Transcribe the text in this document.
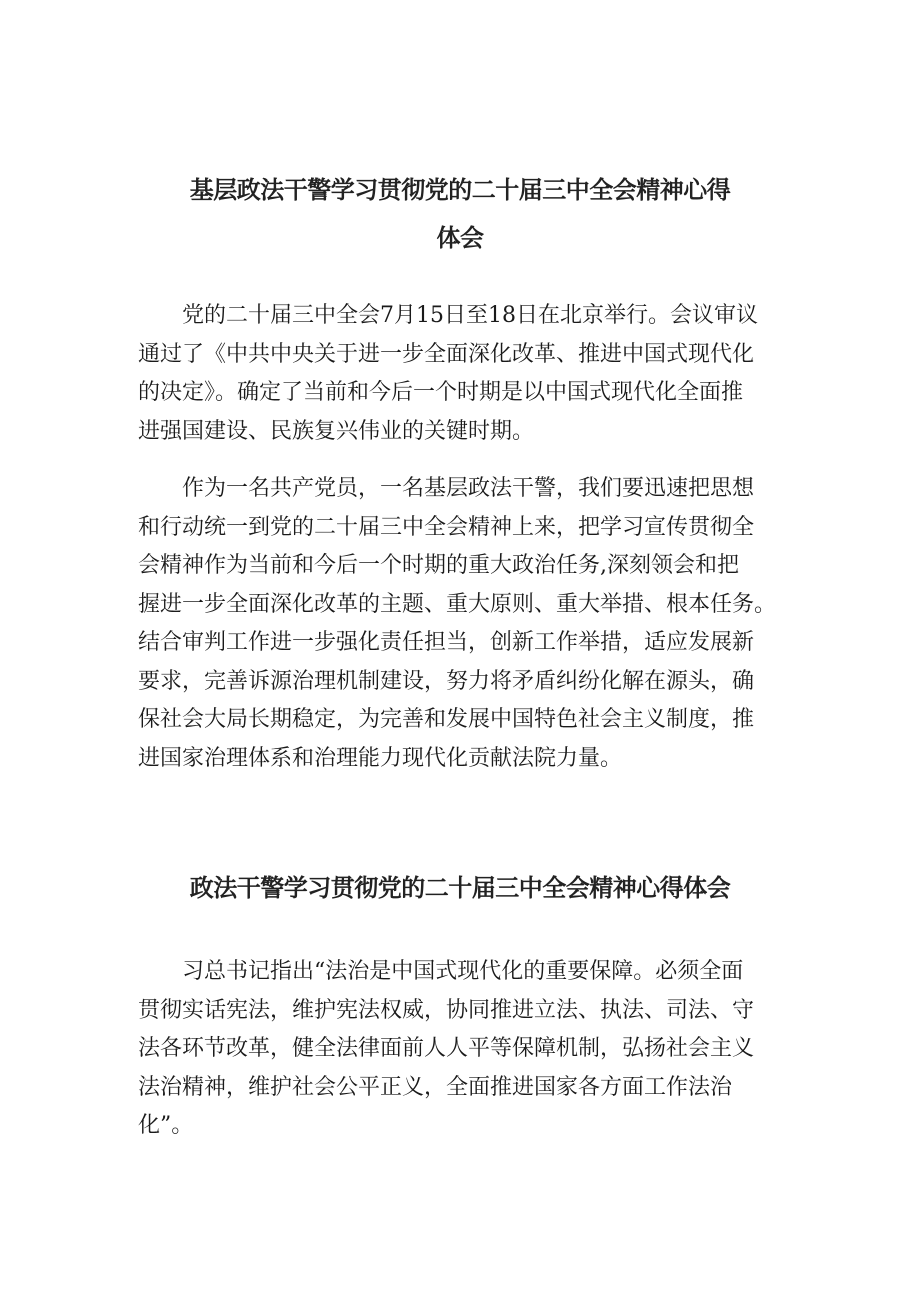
基层政法干警学习贯彻党的二十届三中全会精神心得
体会

党的二十届三中全会7月15日至18日在北京举行。会议审议
通过了《中共中央关于进一步全面深化改革、推进中国式现代化
的决定》。确定了当前和今后一个时期是以中国式现代化全面推
进强国建设、民族复兴伟业的关键时期。

作为一名共产党员，一名基层政法干警，我们要迅速把思想
和行动统一到党的二十届三中全会精神上来，把学习宣传贯彻全
会精神作为当前和今后一个时期的重大政治任务,深刻领会和把
握进一步全面深化改革的主题、重大原则、重大举措、根本任务。
结合审判工作进一步强化责任担当，创新工作举措，适应发展新
要求，完善诉源治理机制建设，努力将矛盾纠纷化解在源头，确
保社会大局长期稳定，为完善和发展中国特色社会主义制度，推
进国家治理体系和治理能力现代化贡献法院力量。

政法干警学习贯彻党的二十届三中全会精神心得体会

习总书记指出“法治是中国式现代化的重要保障。必须全面
贯彻实话宪法，维护宪法权威，协同推进立法、执法、司法、守
法各环节改革，健全法律面前人人平等保障机制，弘扬社会主义
法治精神，维护社会公平正义，全面推进国家各方面工作法治
化”。
